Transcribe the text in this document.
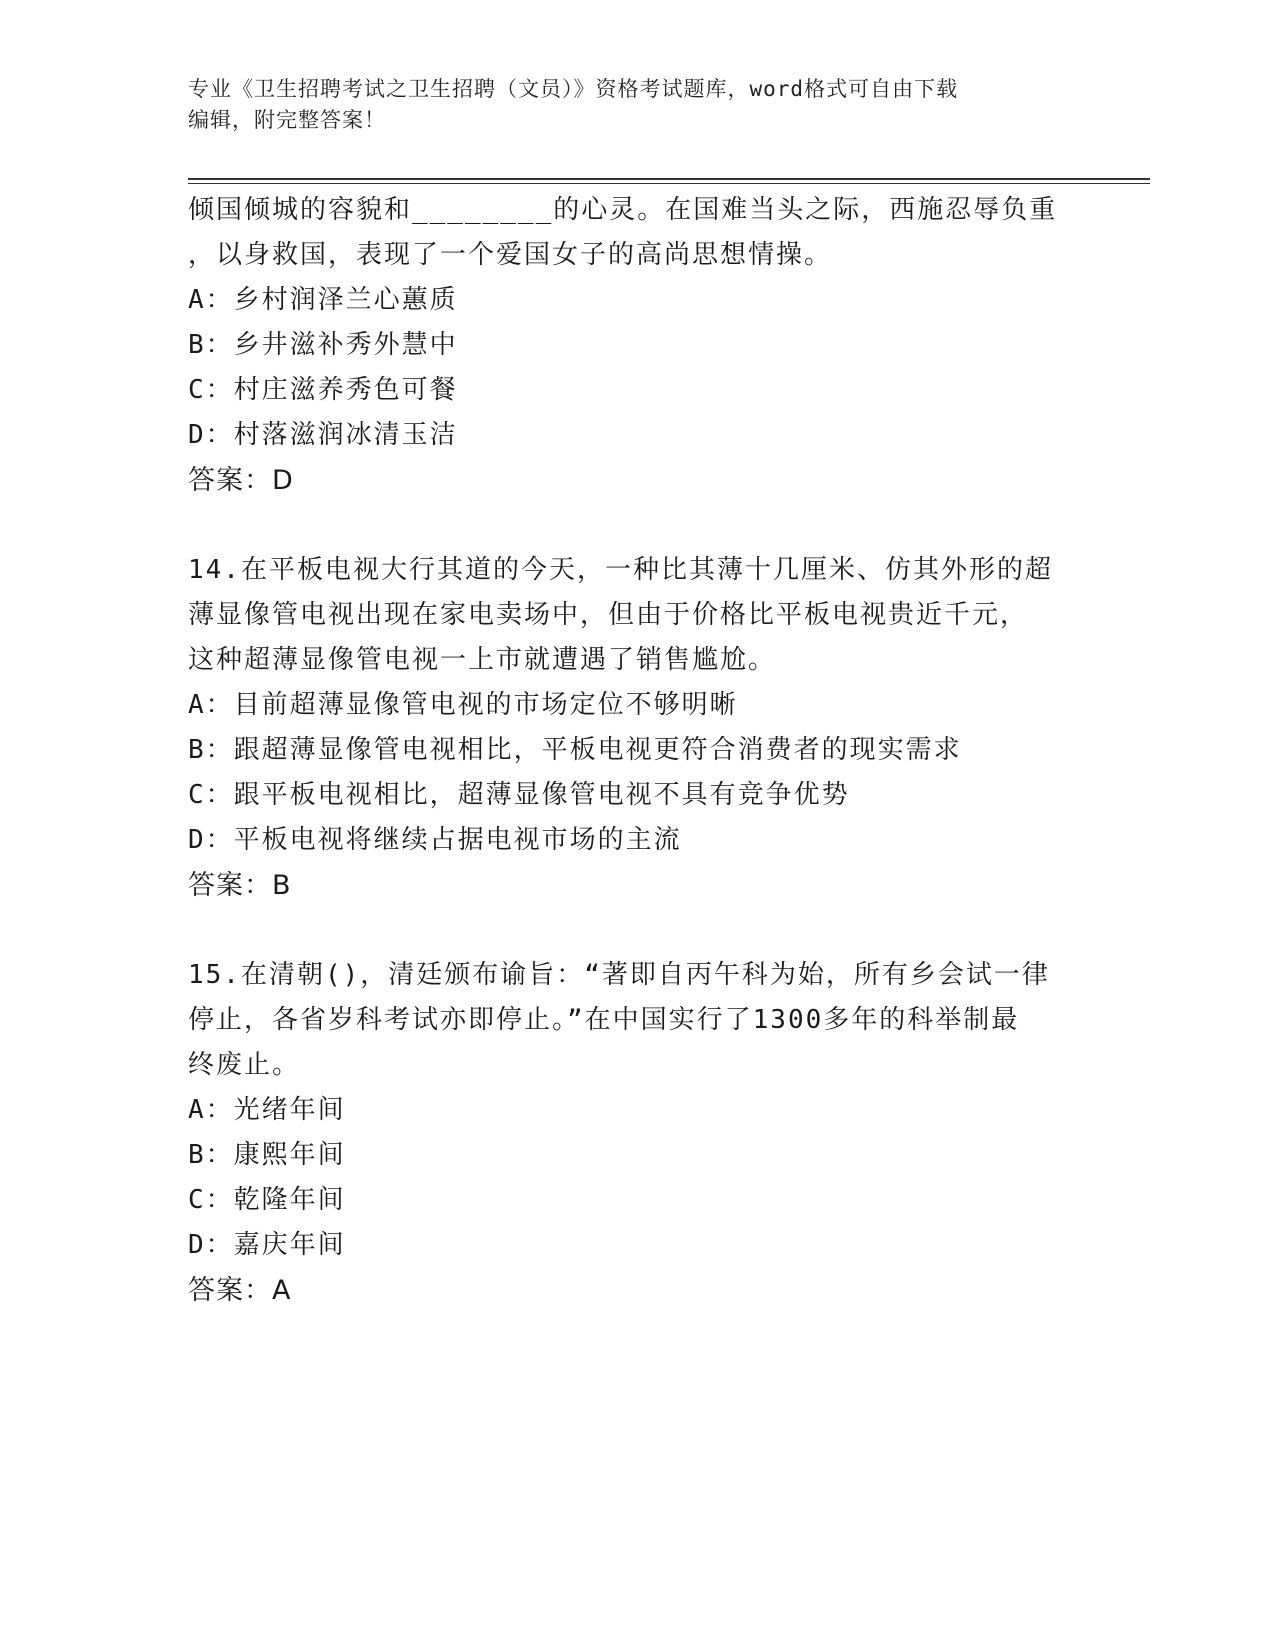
专业《卫生招聘考试之卫生招聘（文员）》资格考试题库，word格式可自由下载
编辑，附完整答案！

倾国倾城的容貌和________的心灵。在国难当头之际，西施忍辱负重

，以身救国，表现了一个爱国女子的高尚思想情操。

A：乡村润泽兰心蕙质

B：乡井滋补秀外慧中

C：村庄滋养秀色可餐

D：村落滋润冰清玉洁

答案：D

14.在平板电视大行其道的今天，一种比其薄十几厘米、仿其外形的超

薄显像管电视出现在家电卖场中，但由于价格比平板电视贵近千元，

这种超薄显像管电视一上市就遭遇了销售尴尬。

A：目前超薄显像管电视的市场定位不够明晰

B：跟超薄显像管电视相比，平板电视更符合消费者的现实需求

C：跟平板电视相比，超薄显像管电视不具有竞争优势

D：平板电视将继续占据电视市场的主流

答案：B

15.在清朝()，清廷颁布谕旨：“著即自丙午科为始，所有乡会试一律

停止，各省岁科考试亦即停止。”在中国实行了1300多年的科举制最

终废止。

A：光绪年间

B：康熙年间

C：乾隆年间

D：嘉庆年间

答案：A
